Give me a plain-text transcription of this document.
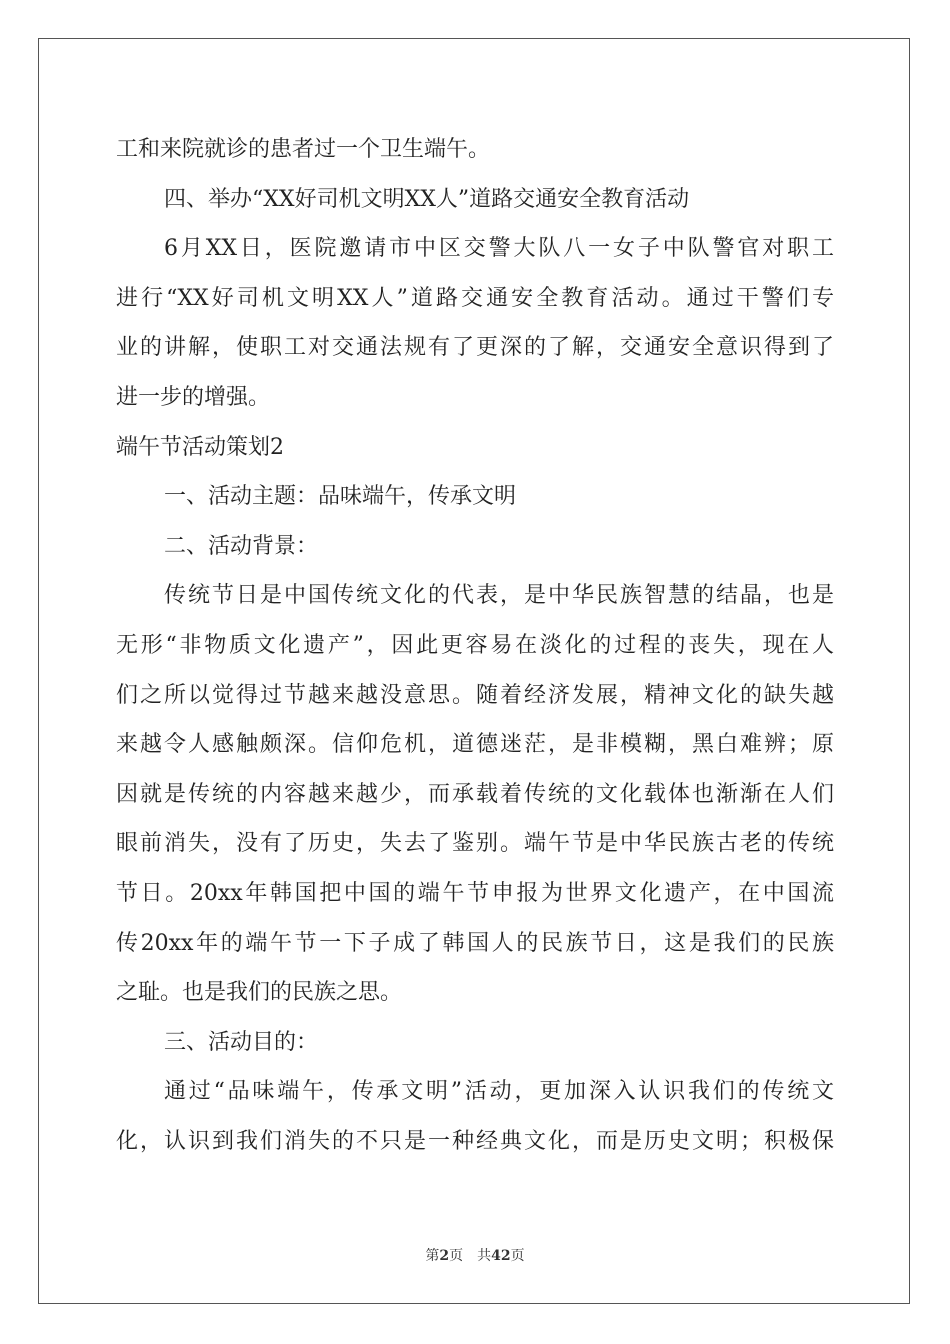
工和来院就诊的患者过一个卫生端午。
四、举办“XX好司机文明XX人”道路交通安全教育活动
6月XX日，医院邀请市中区交警大队八一女子中队警官对职工
进行“XX好司机文明XX人”道路交通安全教育活动。通过干警们专
业的讲解，使职工对交通法规有了更深的了解，交通安全意识得到了
进一步的增强。
端午节活动策划2
一、活动主题：品味端午，传承文明
二、活动背景：
传统节日是中国传统文化的代表，是中华民族智慧的结晶，也是
无形“非物质文化遗产”，因此更容易在淡化的过程的丧失，现在人
们之所以觉得过节越来越没意思。随着经济发展，精神文化的缺失越
来越令人感触颇深。信仰危机，道德迷茫，是非模糊，黑白难辨；原
因就是传统的内容越来越少，而承载着传统的文化载体也渐渐在人们
眼前消失，没有了历史，失去了鉴别。端午节是中华民族古老的传统
节日。20xx年韩国把中国的端午节申报为世界文化遗产，在中国流
传20xx年的端午节一下子成了韩国人的民族节日，这是我们的民族
之耻。也是我们的民族之思。
三、活动目的：
通过“品味端午，传承文明”活动，更加深入认识我们的传统文
化，认识到我们消失的不只是一种经典文化，而是历史文明；积极保
第2页 共42页
